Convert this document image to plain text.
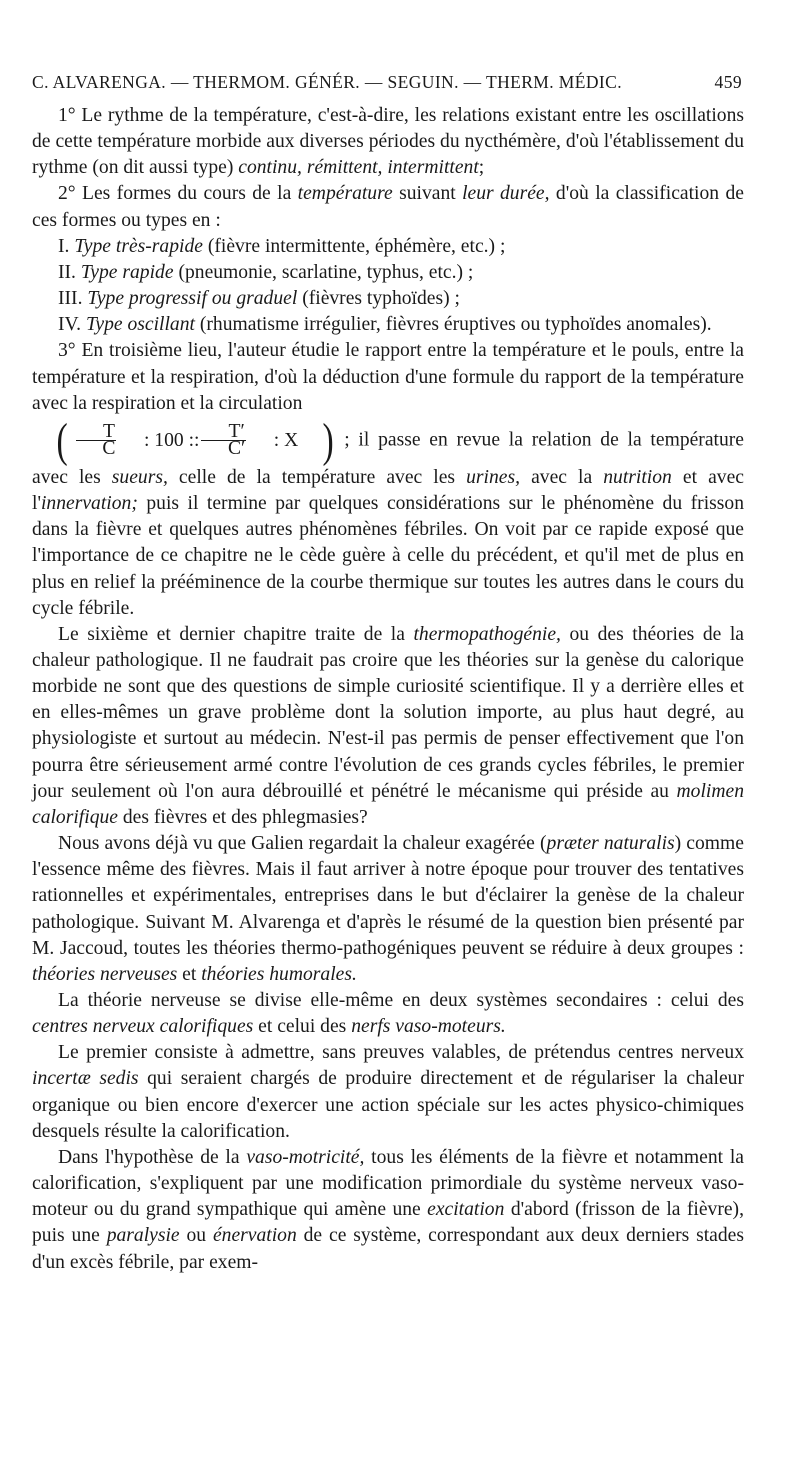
C. ALVARENGA. — THERMOM. GÉNÉR. — SEGUIN. — THERM. MÉDIC.	459

1° Le rythme de la température, c'est-à-dire, les relations existant entre les oscillations de cette température morbide aux diverses périodes du nycthémère, d'où l'établissement du rythme (on dit aussi type) continu, rémittent, intermittent;

2° Les formes du cours de la température suivant leur durée, d'où la classification de ces formes ou types en :

I. Type très-rapide (fièvre intermittente, éphémère, etc.) ;

II. Type rapide (pneumonie, scarlatine, typhus, etc.) ;

III. Type progressif ou graduel (fièvres typhoïdes) ;

IV. Type oscillant (rhumatisme irrégulier, fièvres éruptives ou typhoïdes anomales).

3° En troisième lieu, l'auteur étudie le rapport entre la température et le pouls, entre la température et la respiration, d'où la déduction d'une formule du rapport de la température avec la respiration et la circulation

( $\frac{T}{C}$	: 100 :: $\frac{T'}{C'}$	: X ) ; il passe en revue la relation de la température avec les sueurs, celle de la température avec les urines, avec la nutrition et avec l'innervation; puis il termine par quelques considérations sur le phénomène du frisson dans la fièvre et quelques autres phénomènes fébriles. On voit par ce rapide exposé que l'importance de ce chapitre ne le cède guère à celle du précédent, et qu'il met de plus en plus en relief la prééminence de la courbe thermique sur toutes les autres dans le cours du cycle fébrile.

Le sixième et dernier chapitre traite de la thermopathogénie, ou des théories de la chaleur pathologique. Il ne faudrait pas croire que les théories sur la genèse du calorique morbide ne sont que des questions de simple curiosité scientifique. Il y a derrière elles et en elles-mêmes un grave problème dont la solution importe, au plus haut degré, au physiologiste et surtout au médecin. N'est-il pas permis de penser effectivement que l'on pourra être sérieusement armé contre l'évolution de ces grands cycles fébriles, le premier jour seulement où l'on aura débrouillé et pénétré le mécanisme qui préside au molimen calorifique des fièvres et des phlegmasies?

Nous avons déjà vu que Galien regardait la chaleur exagérée (præter naturalis) comme l'essence même des fièvres. Mais il faut arriver à notre époque pour trouver des tentatives rationnelles et expérimentales, entreprises dans le but d'éclairer la genèse de la chaleur pathologique. Suivant M. Alvarenga et d'après le résumé de la question bien présenté par M. Jaccoud, toutes les théories thermo-pathogéniques peuvent se réduire à deux groupes : théories nerveuses et théories humorales.

La théorie nerveuse se divise elle-même en deux systèmes secondaires : celui des centres nerveux calorifiques et celui des nerfs vaso-moteurs.

Le premier consiste à admettre, sans preuves valables, de prétendus centres nerveux incertæ sedis qui seraient chargés de produire directement et de régulariser la chaleur organique ou bien encore d'exercer une action spéciale sur les actes physico-chimiques desquels résulte la calorification.

Dans l'hypothèse de la vaso-motricité, tous les éléments de la fièvre et notamment la calorification, s'expliquent par une modification primordiale du système nerveux vaso-moteur ou du grand sympathique qui amène une excitation d'abord (frisson de la fièvre), puis une paralysie ou énervation de ce système, correspondant aux deux derniers stades d'un excès fébrile, par exem-
